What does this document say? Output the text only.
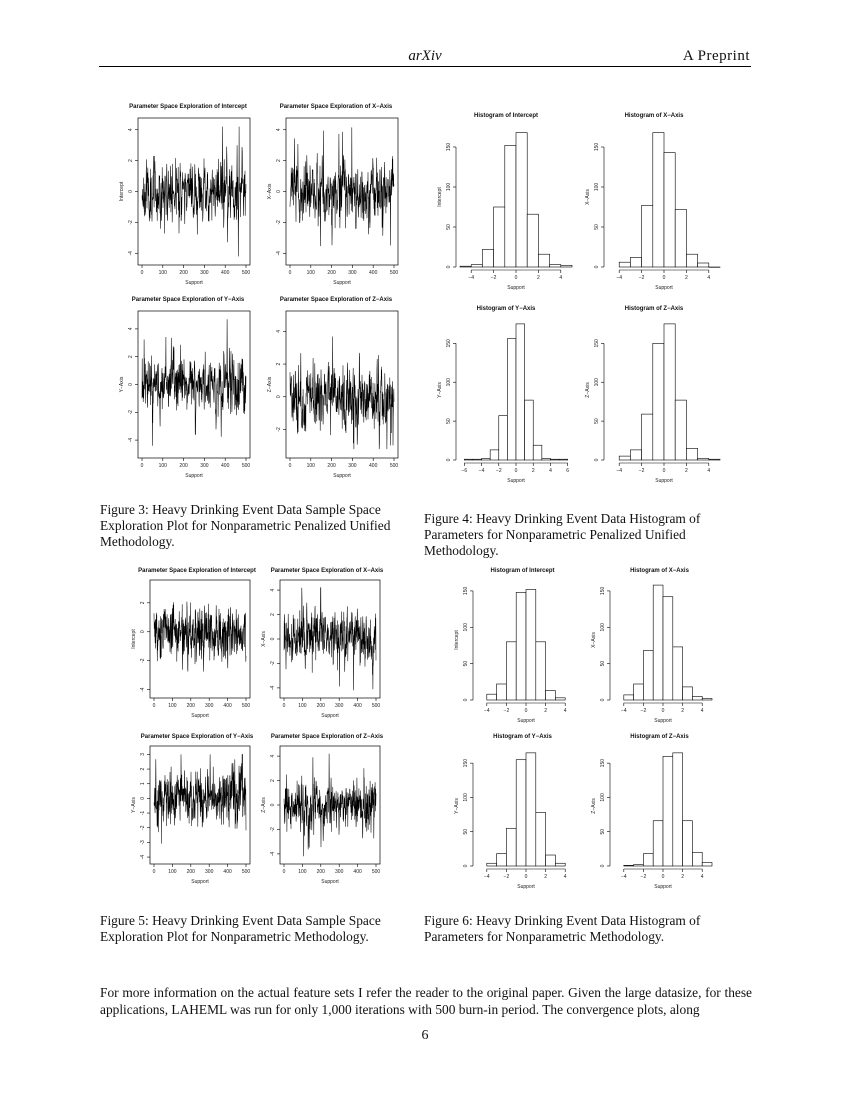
arXiv	A Preprint
Parameter Space Exploration of Intercept
-4
-2
0
2
4
0	100 200 300 400 500
Support
Intercept
Parameter Space Exploration of X−Axis
-4
-2
0
2
4
0	100 200 300 400 500
Support
X−Axis
Parameter Space Exploration of Y−Axis
-4
-2
0
2
4
0	100 200 300 400 500
Support
Y−Axis
Parameter Space Exploration of Z−Axis
-2
0
2
4
0	100 200 300 400 500
Support
Z−Axis
Histogram of Intercept
−4	−2	0	2	4
0
50
100
150
Support
Intercept
Histogram of X−Axis
−4	−2	0	2	4
0
50
100
150
Support
X−Axis
Histogram of Y−Axis
−6 −4 −2	0	2	4	6
0
50
100
150
Support
Y−Axis
Histogram of Z−Axis
−4	−2	0	2	4
0
50
100
150
Support
Z−Axis
Parameter Space Exploration of Intercept
-4
-2
0
2
0	100 200 300 400 500
Support
Intercept
Parameter Space Exploration of X−Axis
-4
-2
0
2
4
0	100 200 300 400 500
Support
X−Axis
Parameter Space Exploration of Y−Axis
-4
-3
-2
-1
0
1
2
3
0	100 200 300 400 500
Support
Y−Axis
Parameter Space Exploration of Z−Axis
-4
-2
0
2
4
0	100 200 300 400 500
Support
Z−Axis
Histogram of Intercept
−4	−2	0	2	4
0
50
100
150
Support
Intercept
Histogram of X−Axis
−4	−2	0	2	4
0
50
100
150
Support
X−Axis
Histogram of Y−Axis
−4	−2	0	2	4
0
50
100
150
Support
Y−Axis
Histogram of Z−Axis
−4	−2	0	2	4
0
50
100
150
Support
Z−Axis
Figure 3: Heavy Drinking Event Data Sample Space Exploration Plot for Nonparametric Penalized Unified Methodology.
Figure 4: Heavy Drinking Event Data Histogram of Parameters for Nonparametric Penalized Unified Methodology.
Figure 5: Heavy Drinking Event Data Sample Space Exploration Plot for Nonparametric Methodology.
Figure 6: Heavy Drinking Event Data Histogram of Parameters for Nonparametric Methodology.
For more information on the actual feature sets I refer the reader to the original paper. Given the large datasize, for these applications, LAHEML was run for only 1,000 iterations with 500 burn-in period. The convergence plots, along
6
